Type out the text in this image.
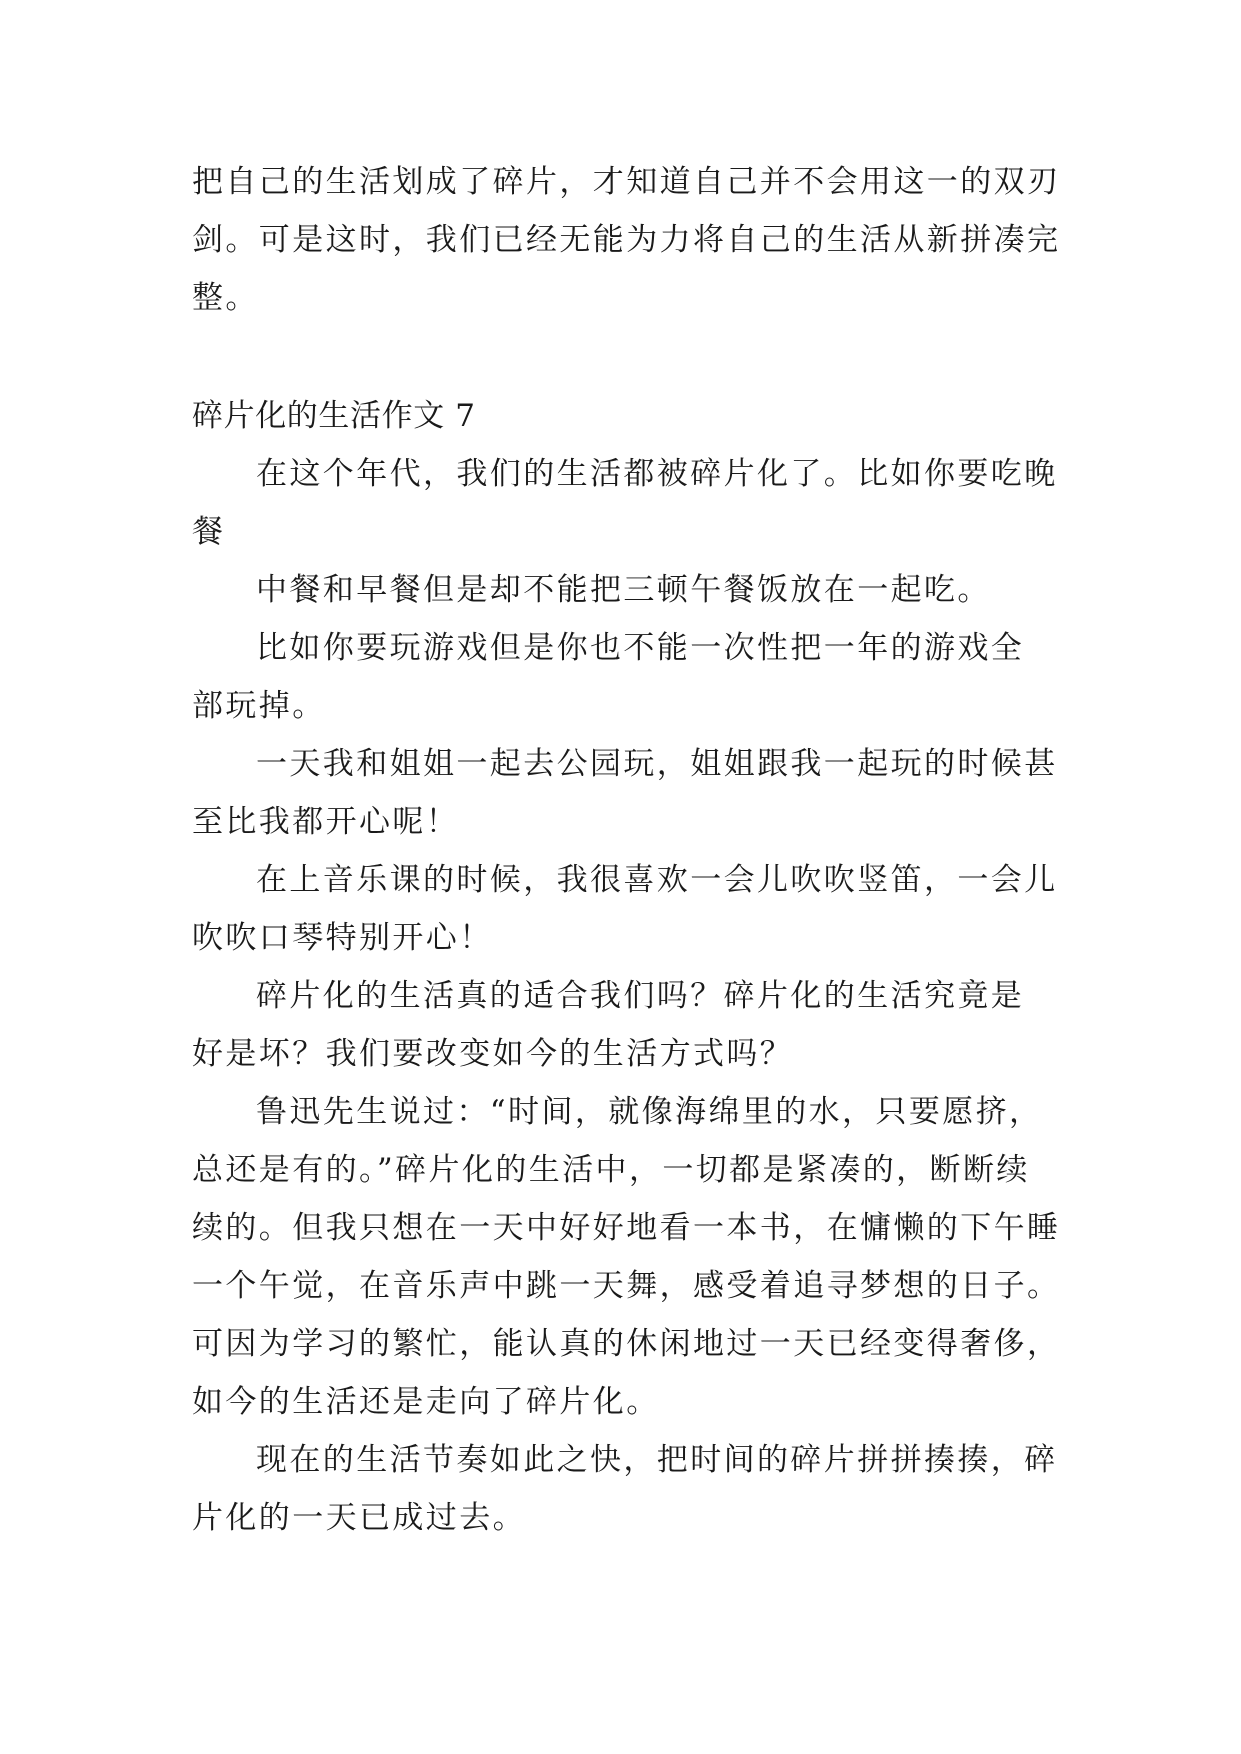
把自己的生活划成了碎片，才知道自己并不会用这一的双刃
剑。可是这时，我们已经无能为力将自己的生活从新拼凑完
整。
碎片化的生活作文 7
在这个年代，我们的生活都被碎片化了。比如你要吃晚
餐
中餐和早餐但是却不能把三顿午餐饭放在一起吃。
比如你要玩游戏但是你也不能一次性把一年的游戏全
部玩掉。
一天我和姐姐一起去公园玩，姐姐跟我一起玩的时候甚
至比我都开心呢！
在上音乐课的时候，我很喜欢一会儿吹吹竖笛，一会儿
吹吹口琴特别开心！
碎片化的生活真的适合我们吗？碎片化的生活究竟是
好是坏？我们要改变如今的生活方式吗？
鲁迅先生说过：“时间，就像海绵里的水，只要愿挤，
总还是有的。”碎片化的生活中，一切都是紧凑的，断断续
续的。但我只想在一天中好好地看一本书，在慵懒的下午睡
一个午觉，在音乐声中跳一天舞，感受着追寻梦想的日子。
可因为学习的繁忙，能认真的休闲地过一天已经变得奢侈，
如今的生活还是走向了碎片化。
现在的生活节奏如此之快，把时间的碎片拼拼揍揍，碎
片化的一天已成过去。
